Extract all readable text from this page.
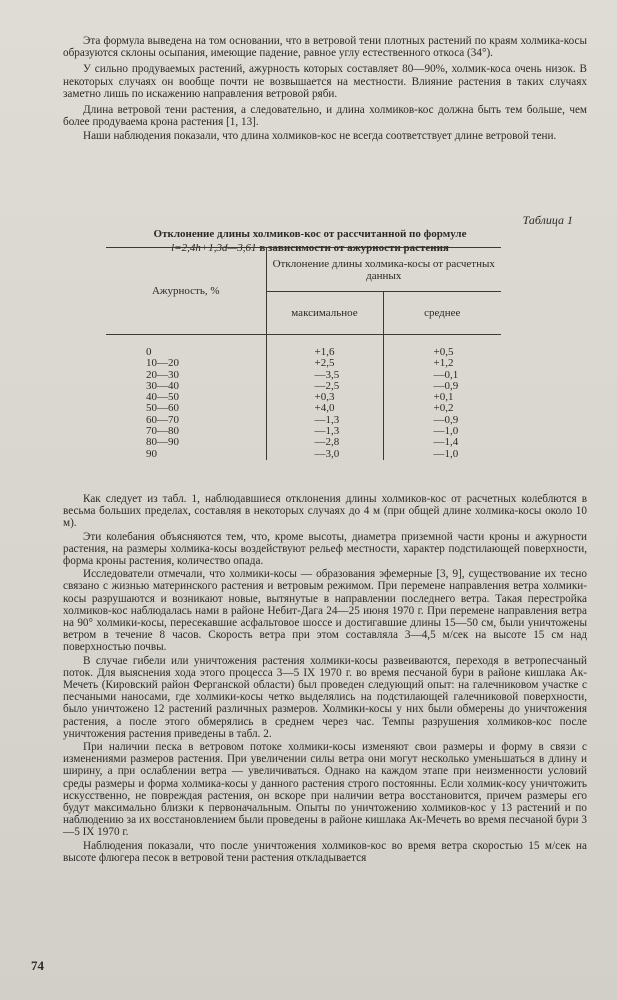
Эта формула выведена на том основании, что в ветровой тени плотных растений по краям холмика-косы образуются склоны осыпания, имеющие падение, равное углу естественного откоса (34°).

У сильно продуваемых растений, ажурность которых составляет 80—90%, холмик-коса очень низок. В некоторых случаях он вообще почти не возвышается на местности. Влияние растения в таких случаях заметно лишь по искажению направления ветровой ряби.

Длина ветровой тени растения, а следовательно, и длина холмиков-кос должна быть тем больше, чем более продуваема крона растения [1, 13].

Наши наблюдения показали, что длина холмиков-кос не всегда соответствует длине ветровой тени.

Таблица 1
Отклонение длины холмиков-кос от рассчитанной по формуле
l=2,4h+1,3d—3,61 в зависимости от ажурности растения
Ажурность, %	Отклонение длины холмика-косы от расчетных данных	
	максимальное	среднее

0	+1,6	+0,5
10—20	+2,5	+1,2
20—30	—3,5	—0,1
30—40	—2,5	—0,9
40—50	+0,3	+0,1
50—60	+4,0	+0,2
60—70	—1,3	—0,9
70—80	—1,3	—1,0
80—90	—2,8	—1,4
90	—3,0	—1,0

Как следует из табл. 1, наблюдавшиеся отклонения длины холмиков-кос от расчетных колеблются в весьма больших пределах, составляя в некоторых случаях до 4 м (при общей длине холмика-косы около 10 м).

Эти колебания объясняются тем, что, кроме высоты, диаметра приземной части кроны и ажурности растения, на размеры холмика-косы воздействуют рельеф местности, характер подстилающей поверхности, форма кроны растения, количество опада.

Исследователи отмечали, что холмики-косы — образования эфемерные [3, 9], существование их тесно связано с жизнью материнского растения и ветровым режимом. При перемене направления ветра холмики-косы разрушаются и возникают новые, вытянутые в направлении последнего ветра. Такая перестройка холмиков-кос наблюдалась нами в районе Небит-Дага 24—25 июня 1970 г. При перемене направления ветра на 90° холмики-косы, пересекавшие асфальтовое шоссе и достигавшие длины 15—50 см, были уничтожены ветром в течение 8 часов. Скорость ветра при этом составляла 3—4,5 м/сек на высоте 15 см над поверхностью почвы.

В случае гибели или уничтожения растения холмики-косы развеиваются, переходя в ветропесчаный поток. Для выяснения хода этого процесса 3—5 IX 1970 г. во время песчаной бури в районе кишлака Ак-Мечеть (Кировский район Ферганской области) был проведен следующий опыт: на галечниковом участке с песчаными наносами, где холмики-косы четко выделялись на подстилающей галечниковой поверхности, было уничтожено 12 растений различных размеров. Холмики-косы у них были обмерены до уничтожения растения, а после этого обмерялись в среднем через час. Темпы разрушения холмиков-кос после уничтожения растения приведены в табл. 2.

При наличии песка в ветровом потоке холмики-косы изменяют свои размеры и форму в связи с изменениями размеров растения. При увеличении силы ветра они могут несколько уменьшаться в длину и ширину, а при ослаблении ветра — увеличиваться. Однако на каждом этапе при неизменности условий среды размеры и форма холмика-косы у данного растения строго постоянны. Если холмик-косу уничтожить искусственно, не повреждая растения, он вскоре при наличии ветра восстановится, причем размеры его будут максимально близки к первоначальным. Опыты по уничтожению холмиков-кос у 13 растений и по наблюдению за их восстановлением были проведены в районе кишлака Ак-Мечеть во время песчаной бури 3—5 IX 1970 г.

Наблюдения показали, что после уничтожения холмиков-кос во время ветра скоростью 15 м/сек на высоте флюгера песок в ветровой тени растения откладывается

74
